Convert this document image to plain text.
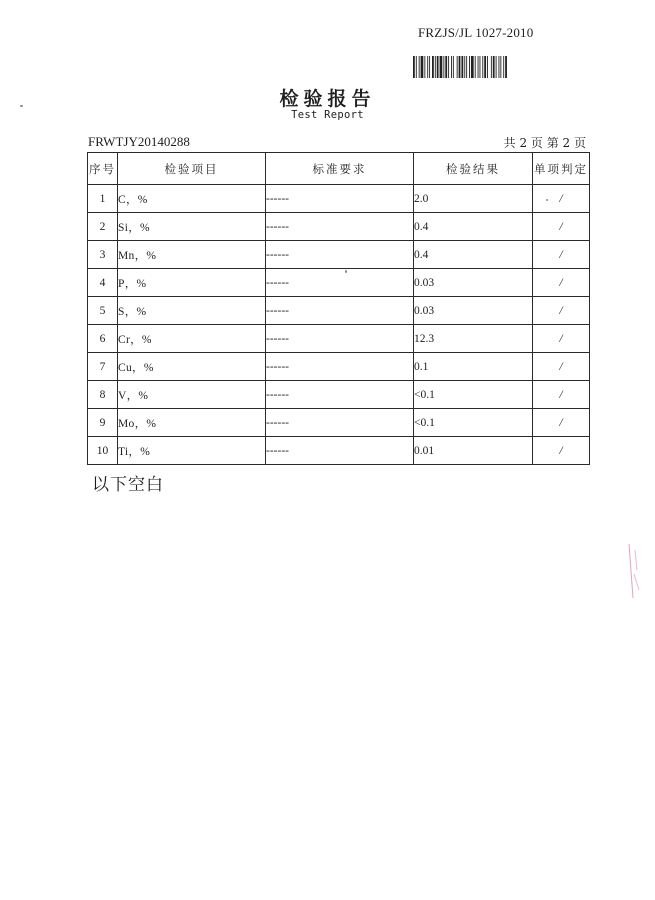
FRZJS/JL 1027-2010
检验报告
Test Report
FRWTJY20140288	共 2 页 第 2 页
序号	检验项目	标准要求	检验结果	单项判定
1	C，%	------	2.0	/
2	Si，%	------	0.4	/
3	Mn，%	------	0.4	/
4	P，%	------	0.03	/
5	S，%	------	0.03	/
6	Cr，%	------	12.3	/
7	Cu，%	------	0.1	/
8	V，%	------	<0.1	/
9	Mo，%	------	<0.1	/
10	Ti，%	------	0.01	/
以下空白
